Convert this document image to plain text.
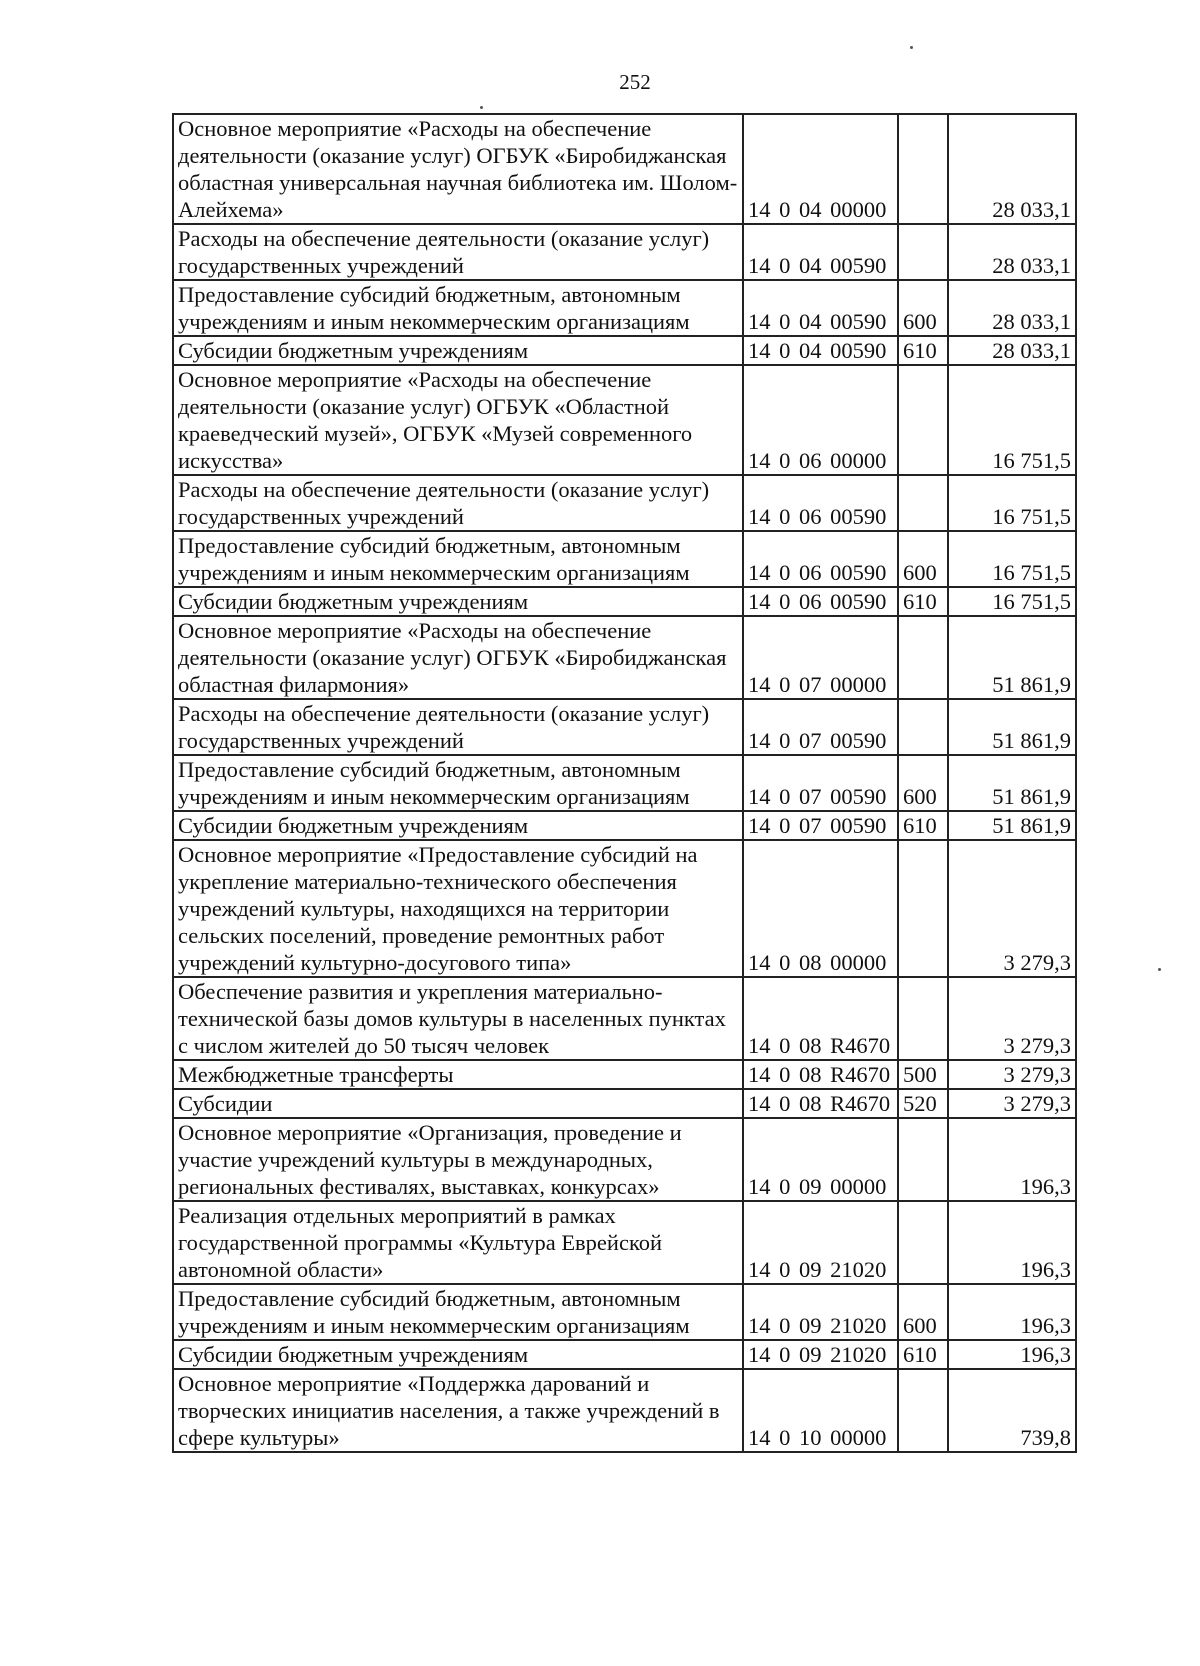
252
Основное мероприятие «Расходы на обеспечение деятельности (оказание услуг) ОГБУК «Биробиджанская областная универсальная научная библиотека им. Шолом-Алейхема»	14 0 04 00000		28 033,1
Расходы на обеспечение деятельности (оказание услуг) государственных учреждений	14 0 04 00590		28 033,1
Предоставление субсидий бюджетным, автономным учреждениям и иным некоммерческим организациям	14 0 04 00590	600	28 033,1
Субсидии бюджетным учреждениям	14 0 04 00590	610	28 033,1
Основное мероприятие «Расходы на обеспечение деятельности (оказание услуг) ОГБУК «Областной краеведческий музей», ОГБУК «Музей современного искусства»	14 0 06 00000		16 751,5
Расходы на обеспечение деятельности (оказание услуг) государственных учреждений	14 0 06 00590		16 751,5
Предоставление субсидий бюджетным, автономным учреждениям и иным некоммерческим организациям	14 0 06 00590	600	16 751,5
Субсидии бюджетным учреждениям	14 0 06 00590	610	16 751,5
Основное мероприятие «Расходы на обеспечение деятельности (оказание услуг) ОГБУК «Биробиджанская областная филармония»	14 0 07 00000		51 861,9
Расходы на обеспечение деятельности (оказание услуг) государственных учреждений	14 0 07 00590		51 861,9
Предоставление субсидий бюджетным, автономным учреждениям и иным некоммерческим организациям	14 0 07 00590	600	51 861,9
Субсидии бюджетным учреждениям	14 0 07 00590	610	51 861,9
Основное мероприятие «Предоставление субсидий на укрепление материально-технического обеспечения учреждений культуры, находящихся на территории сельских поселений, проведение ремонтных работ учреждений культурно-досугового типа»	14 0 08 00000		3 279,3
Обеспечение развития и укрепления материально-технической базы домов культуры в населенных пунктах с числом жителей до 50 тысяч человек	14 0 08 R4670		3 279,3
Межбюджетные трансферты	14 0 08 R4670	500	3 279,3
Субсидии	14 0 08 R4670	520	3 279,3
Основное мероприятие «Организация, проведение и участие учреждений культуры в международных, региональных фестивалях, выставках, конкурсах»	14 0 09 00000		196,3
Реализация отдельных мероприятий в рамках государственной программы «Культура Еврейской автономной области»	14 0 09 21020		196,3
Предоставление субсидий бюджетным, автономным учреждениям и иным некоммерческим организациям	14 0 09 21020	600	196,3
Субсидии бюджетным учреждениям	14 0 09 21020	610	196,3
Основное мероприятие «Поддержка дарований и творческих инициатив населения, а также учреждений в сфере культуры»	14 0 10 00000		739,8
